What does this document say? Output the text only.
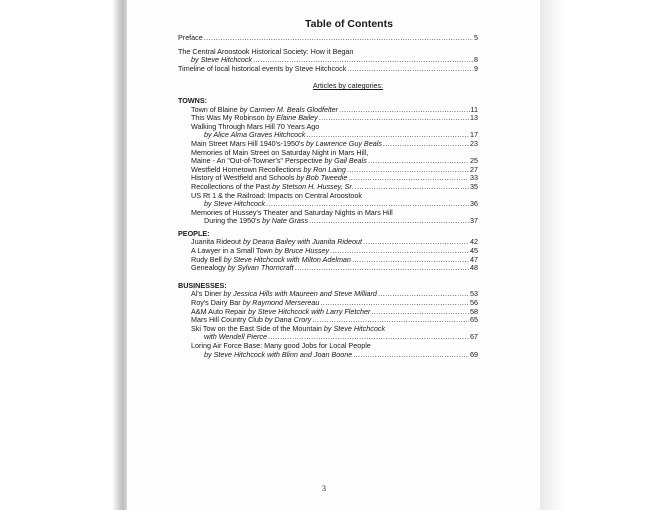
Table of Contents
Preface .....	5
The Central Aroostook Historical Society: How it Began
by Steve Hitchcock .....	8
Timeline of local historical events by Steve Hitchcock .....	9
Articles by categories:
TOWNS:
Town of Blaine by Carmen M. Beals Glodfelter .....	11
This Was My Robinson by Elaine Bailey .....	13
Walking Through Mars Hill 70 Years Ago
by Alice Alma Graves Hitchcock .....	17
Main Street Mars Hill 1940's-1950's by Lawrence Guy Beals .....	23
Memories of Main Street on Saturday Night in Mars Hill,
Maine - An "Out-of-Towner's" Perspective by Gail Beals .....	25
Westfield Hometown Recollections by Ron Laing .....	27
History of Westfield and Schools by Bob Tweedie .....	33
Recollections of the Past by Stetson H. Hussey, Sr. .....	35
US Rt 1 & the Railroad: Impacts on Central Aroostook
by Steve Hitchcock .....	36
Memories of Hussey's Theater and Saturday Nights in Mars Hill
During the 1950's by Nate Grass .....	37
PEOPLE:
Juanita Rideout by Deana Bailey with Juanita Rideout .....	42
A Lawyer in a Small Town by Bruce Hussey .....	45
Rudy Bell by Steve Hitchcock with Milton Adelman .....	47
Genealogy by Sylvan Thorncraft .....	48
BUSINESSES:
Al's Diner by Jessica Hills with Maureen and Steve Milliard .....	53
Roy's Dairy Bar by Raymond Mersereau .....	56
A&M Auto Repair by Steve Hitchcock with Larry Fletcher .....	58
Mars Hill Country Club by Dana Crory .....	65
Ski Tow on the East Side of the Mountain by Steve Hitchcock
with Wendell Pierce .....	67
Loring Air Force Base: Many good Jobs for Local People
by Steve Hitchcock with Blinn and Joan Boone .....	69
3
